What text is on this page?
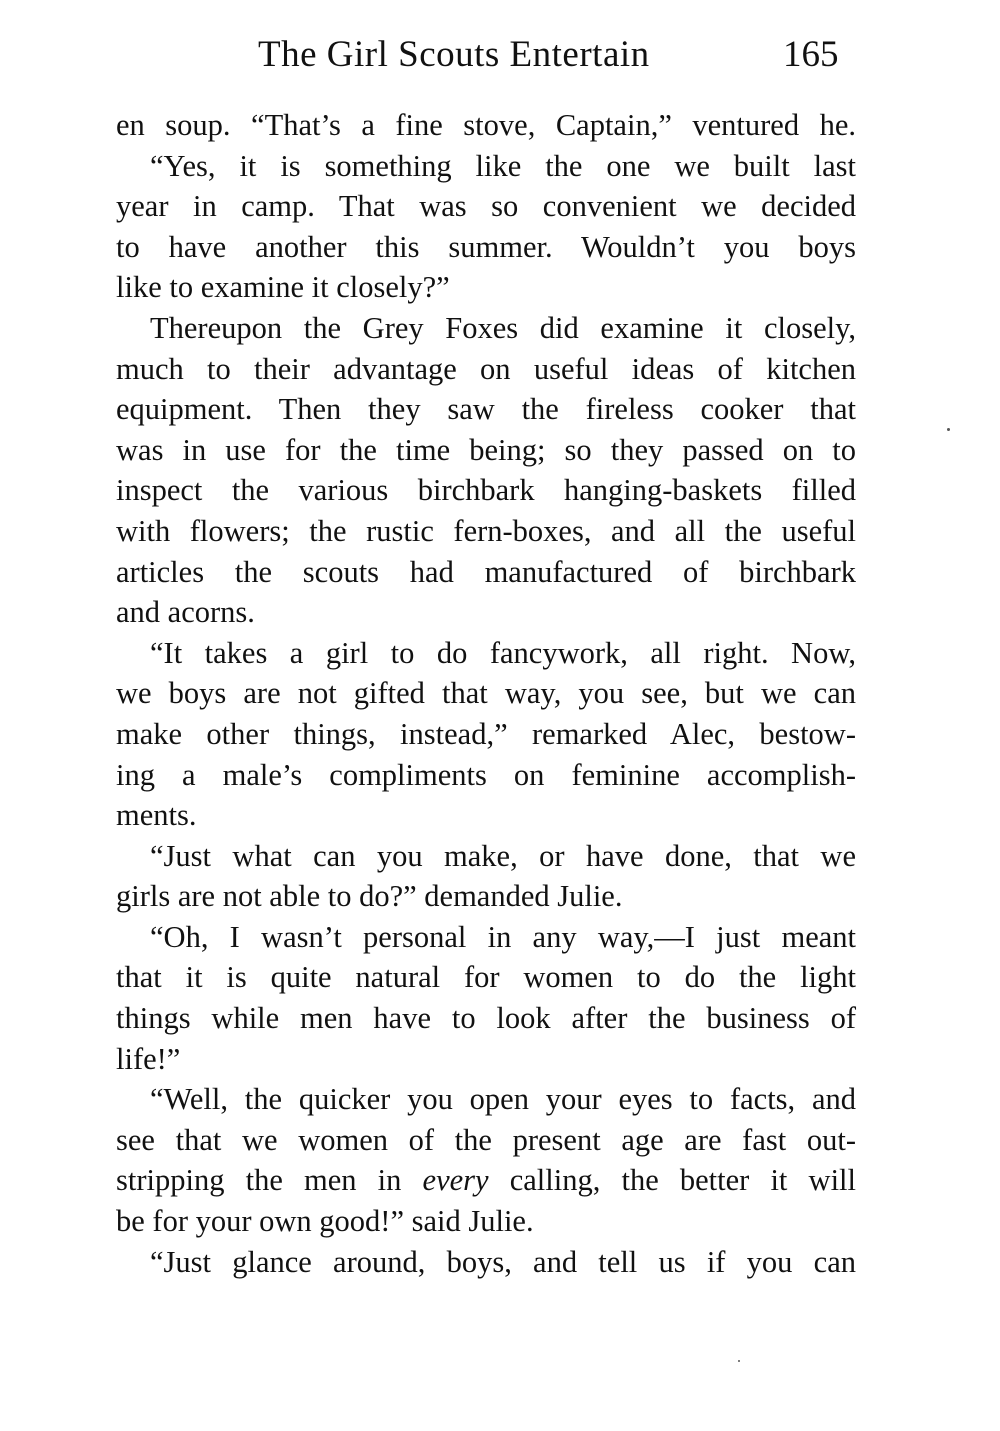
The Girl Scouts Entertain	165
en soup. “That’s a fine stove, Captain,” ventured he.
“Yes, it is something like the one we built last
year in camp. That was so convenient we decided
to have another this summer. Wouldn’t you boys
like to examine it closely?”
Thereupon the Grey Foxes did examine it closely,
much to their advantage on useful ideas of kitchen
equipment. Then they saw the fireless cooker that
was in use for the time being; so they passed on to
inspect the various birchbark hanging-baskets filled
with flowers; the rustic fern-boxes, and all the useful
articles the scouts had manufactured of birchbark
and acorns.
“It takes a girl to do fancywork, all right. Now,
we boys are not gifted that way, you see, but we can
make other things, instead,” remarked Alec, bestow-
ing a male’s compliments on feminine accomplish-
ments.
“Just what can you make, or have done, that we
girls are not able to do?” demanded Julie.
“Oh, I wasn’t personal in any way,—I just meant
that it is quite natural for women to do the light
things while men have to look after the business of
life!”
“Well, the quicker you open your eyes to facts, and
see that we women of the present age are fast out-
stripping the men in every calling, the better it will
be for your own good!” said Julie.
“Just glance around, boys, and tell us if you can
